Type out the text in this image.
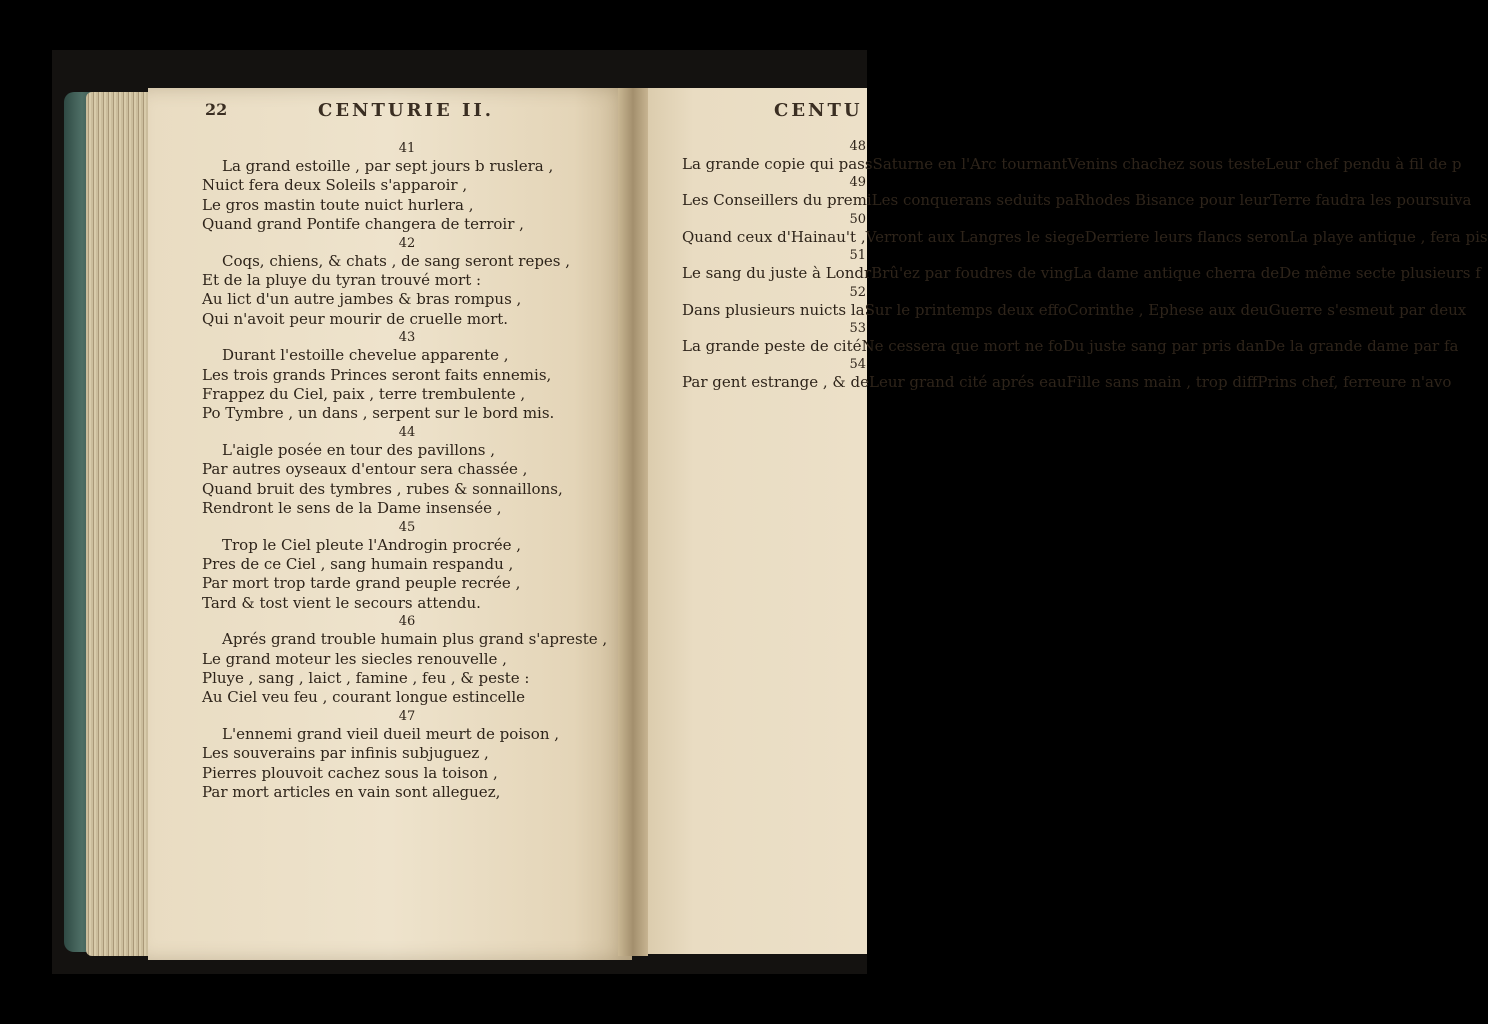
22	CENTURIE II.	CENTU
41
La grand estoille , par sept jours b ruslera ,
Nuict fera deux Soleils s'apparoir ,
Le gros mastin toute nuict hurlera ,
Quand grand Pontife changera de terroir ,
42
Coqs, chiens, & chats , de sang seront repes ,
Et de la pluye du tyran trouvé mort :
Au lict d'un autre jambes & bras rompus ,
Qui n'avoit peur mourir de cruelle mort.
43
Durant l'estoille chevelue apparente ,
Les trois grands Princes seront faits ennemis,
Frappez du Ciel, paix , terre trembulente ,
Po Tymbre , un dans , serpent sur le bord mis.
44
L'aigle posée en tour des pavillons ,
Par autres oyseaux d'entour sera chassée ,
Quand bruit des tymbres , rubes & sonnaillons,
Rendront le sens de la Dame insensée ,
45
Trop le Ciel pleute l'Androgin procrée ,
Pres de ce Ciel , sang humain respandu ,
Par mort trop tarde grand peuple recrée ,
Tard & tost vient le secours attendu.
46
Aprés grand trouble humain plus grand s'apreste ,
Le grand moteur les siecles renouvelle ,
Pluye , sang , laict , famine , feu , & peste :
Au Ciel veu feu , courant longue estincelle
47
L'ennemi grand vieil dueil meurt de poison ,
Les souverains par infinis subjuguez ,
Pierres plouvoit cachez sous la toison ,
Par mort articles en vain sont alleguez,
48
La grande copie qui passSaturne en l'Arc tournantVenins chachez sous testeLeur chef pendu à fil de p
49
Les Conseillers du premiLes conquerans seduits paRhodes Bisance pour leurTerre faudra les poursuiva
50
Quand ceux d'Hainau't ,Verront aux Langres le siegeDerriere leurs flancs seronLa playe antique , fera pis
51
Le sang du juste à LondrBrû'ez par foudres de vingLa dame antique cherra deDe même secte plusieurs f
52
Dans plusieurs nuicts laSur le printemps deux effoCorinthe , Ephese aux deuGuerre s'esmeut par deux
53
La grande peste de citéNe cessera que mort ne foDu juste sang par pris danDe la grande dame par fa
54
Par gent estrange , & deLeur grand cité aprés eauFille sans main , trop diffPrins chef, ferreure n'avo
